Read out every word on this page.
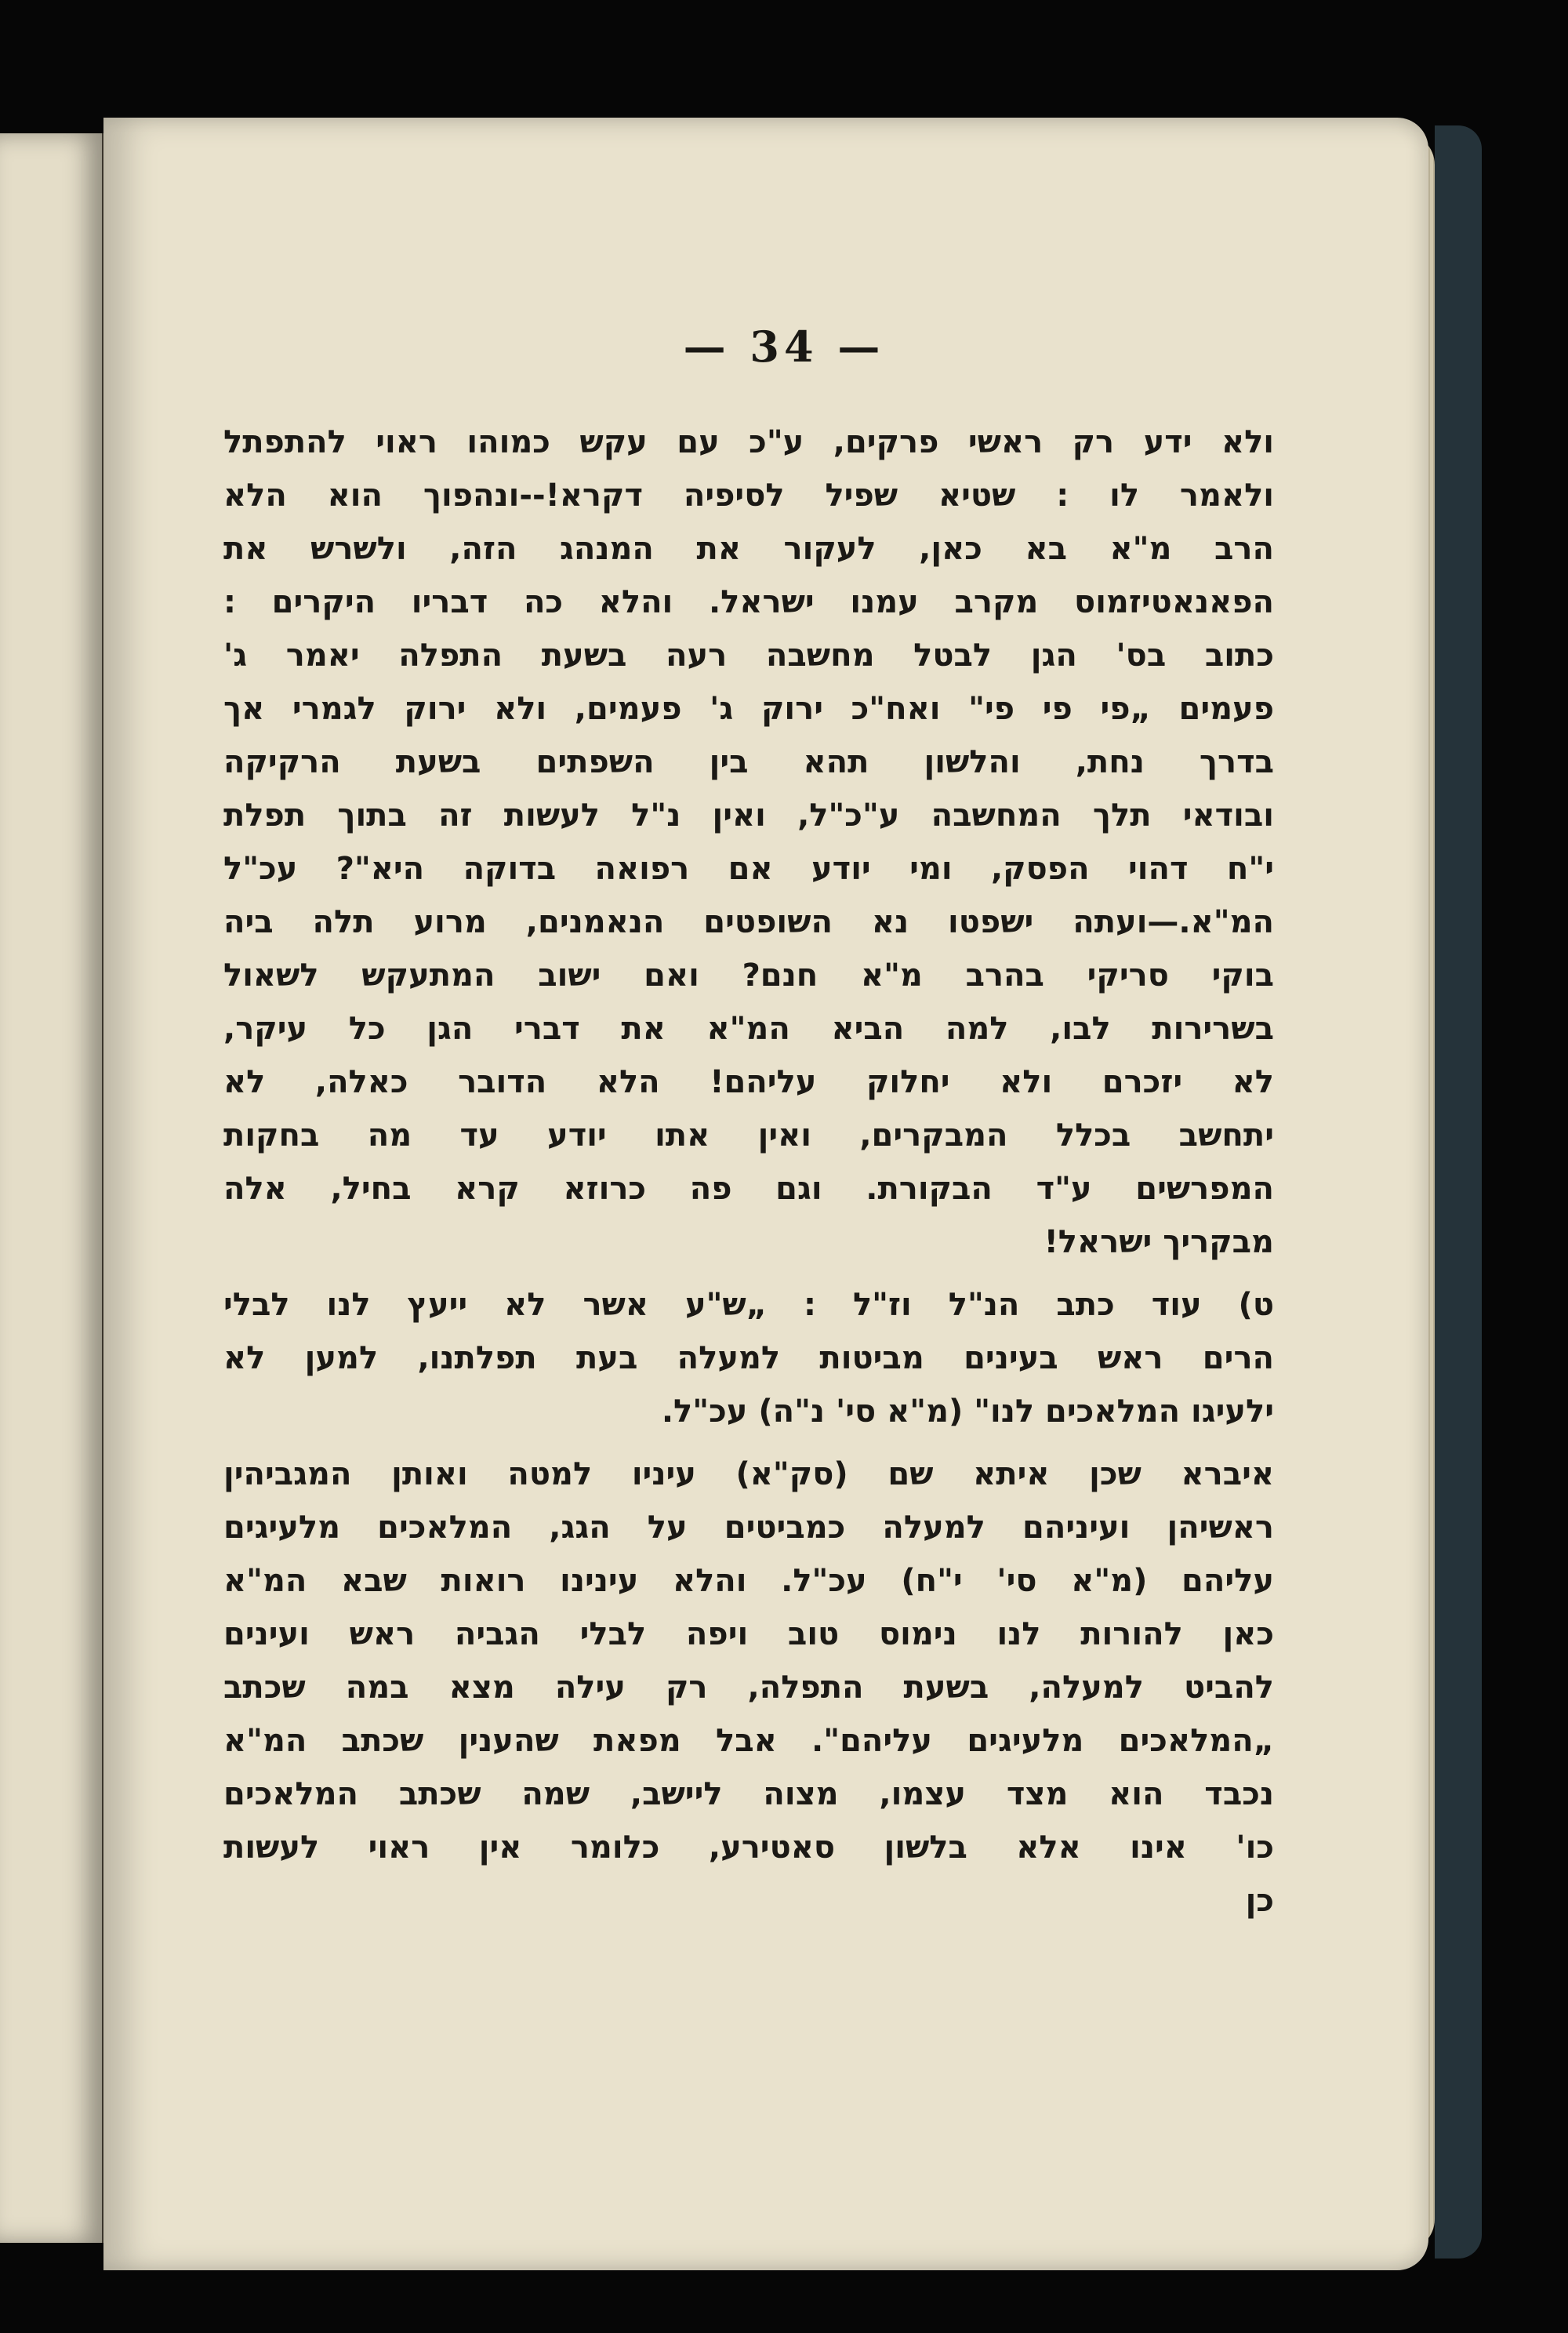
— 34 —
ולא ידע רק ראשי פרקים, ע"כ עם עקש כמוהו ראוי להתפתל
ולאמר לו : שטיא שפיל לסיפיה דקרא!--ונהפוך הוא הלא
הרב מ"א בא כאן, לעקור את המנהג הזה, ולשרש את
הפאנאטיזמוס מקרב עמנו ישראל. והלא כה דבריו היקרים :
כתוב בס' הגן לבטל מחשבה רעה בשעת התפלה יאמר ג'
פעמים „פי פי פי" ואח"כ ירוק ג' פעמים, ולא ירוק לגמרי אך
בדרך נחת, והלשון תהא בין השפתים בשעת הרקיקה
ובודאי תלך המחשבה ע"כ"ל, ואין נ"ל לעשות זה בתוך תפלת
י"ח דהוי הפסק, ומי יודע אם רפואה בדוקה היא"? עכ"ל
המ"א.—ועתה ישפטו נא השופטים הנאמנים, מרוע תלה ביה
בוקי סריקי בהרב מ"א חנם? ואם ישוב המתעקש לשאול
בשרירות לבו, למה הביא המ"א את דברי הגן כל עיקר,
לא יזכרם ולא יחלוק עליהם! הלא הדובר כאלה, לא
יתחשב בכלל המבקרים, ואין אתו יודע עד מה בחקות
המפרשים ע"ד הבקורת. וגם פה כרוזא קרא בחיל, אלה
מבקריך ישראל!
ט) עוד כתב הנ"ל וז"ל : „ש"ע אשר לא ייעץ לנו לבלי
הרים ראש בעינים מביטות למעלה בעת תפלתנו, למען לא
ילעיגו המלאכים לנו" (מ"א סי' נ"ה) עכ"ל.
איברא שכן איתא שם (סק"א) עיניו למטה ואותן המגביהין
ראשיהן ועיניהם למעלה כמביטים על הגג, המלאכים מלעיגים
עליהם (מ"א סי' י"ח) עכ"ל. והלא עינינו רואות שבא המ"א
כאן להורות לנו נימוס טוב ויפה לבלי הגביה ראש ועינים
להביט למעלה, בשעת התפלה, רק עילה מצא במה שכתב
„המלאכים מלעיגים עליהם". אבל מפאת שהענין שכתב המ"א
נכבד הוא מצד עצמו, מצוה ליישב, שמה שכתב המלאכים
כו' אינו אלא בלשון סאטירע, כלומר אין ראוי לעשות
כן
